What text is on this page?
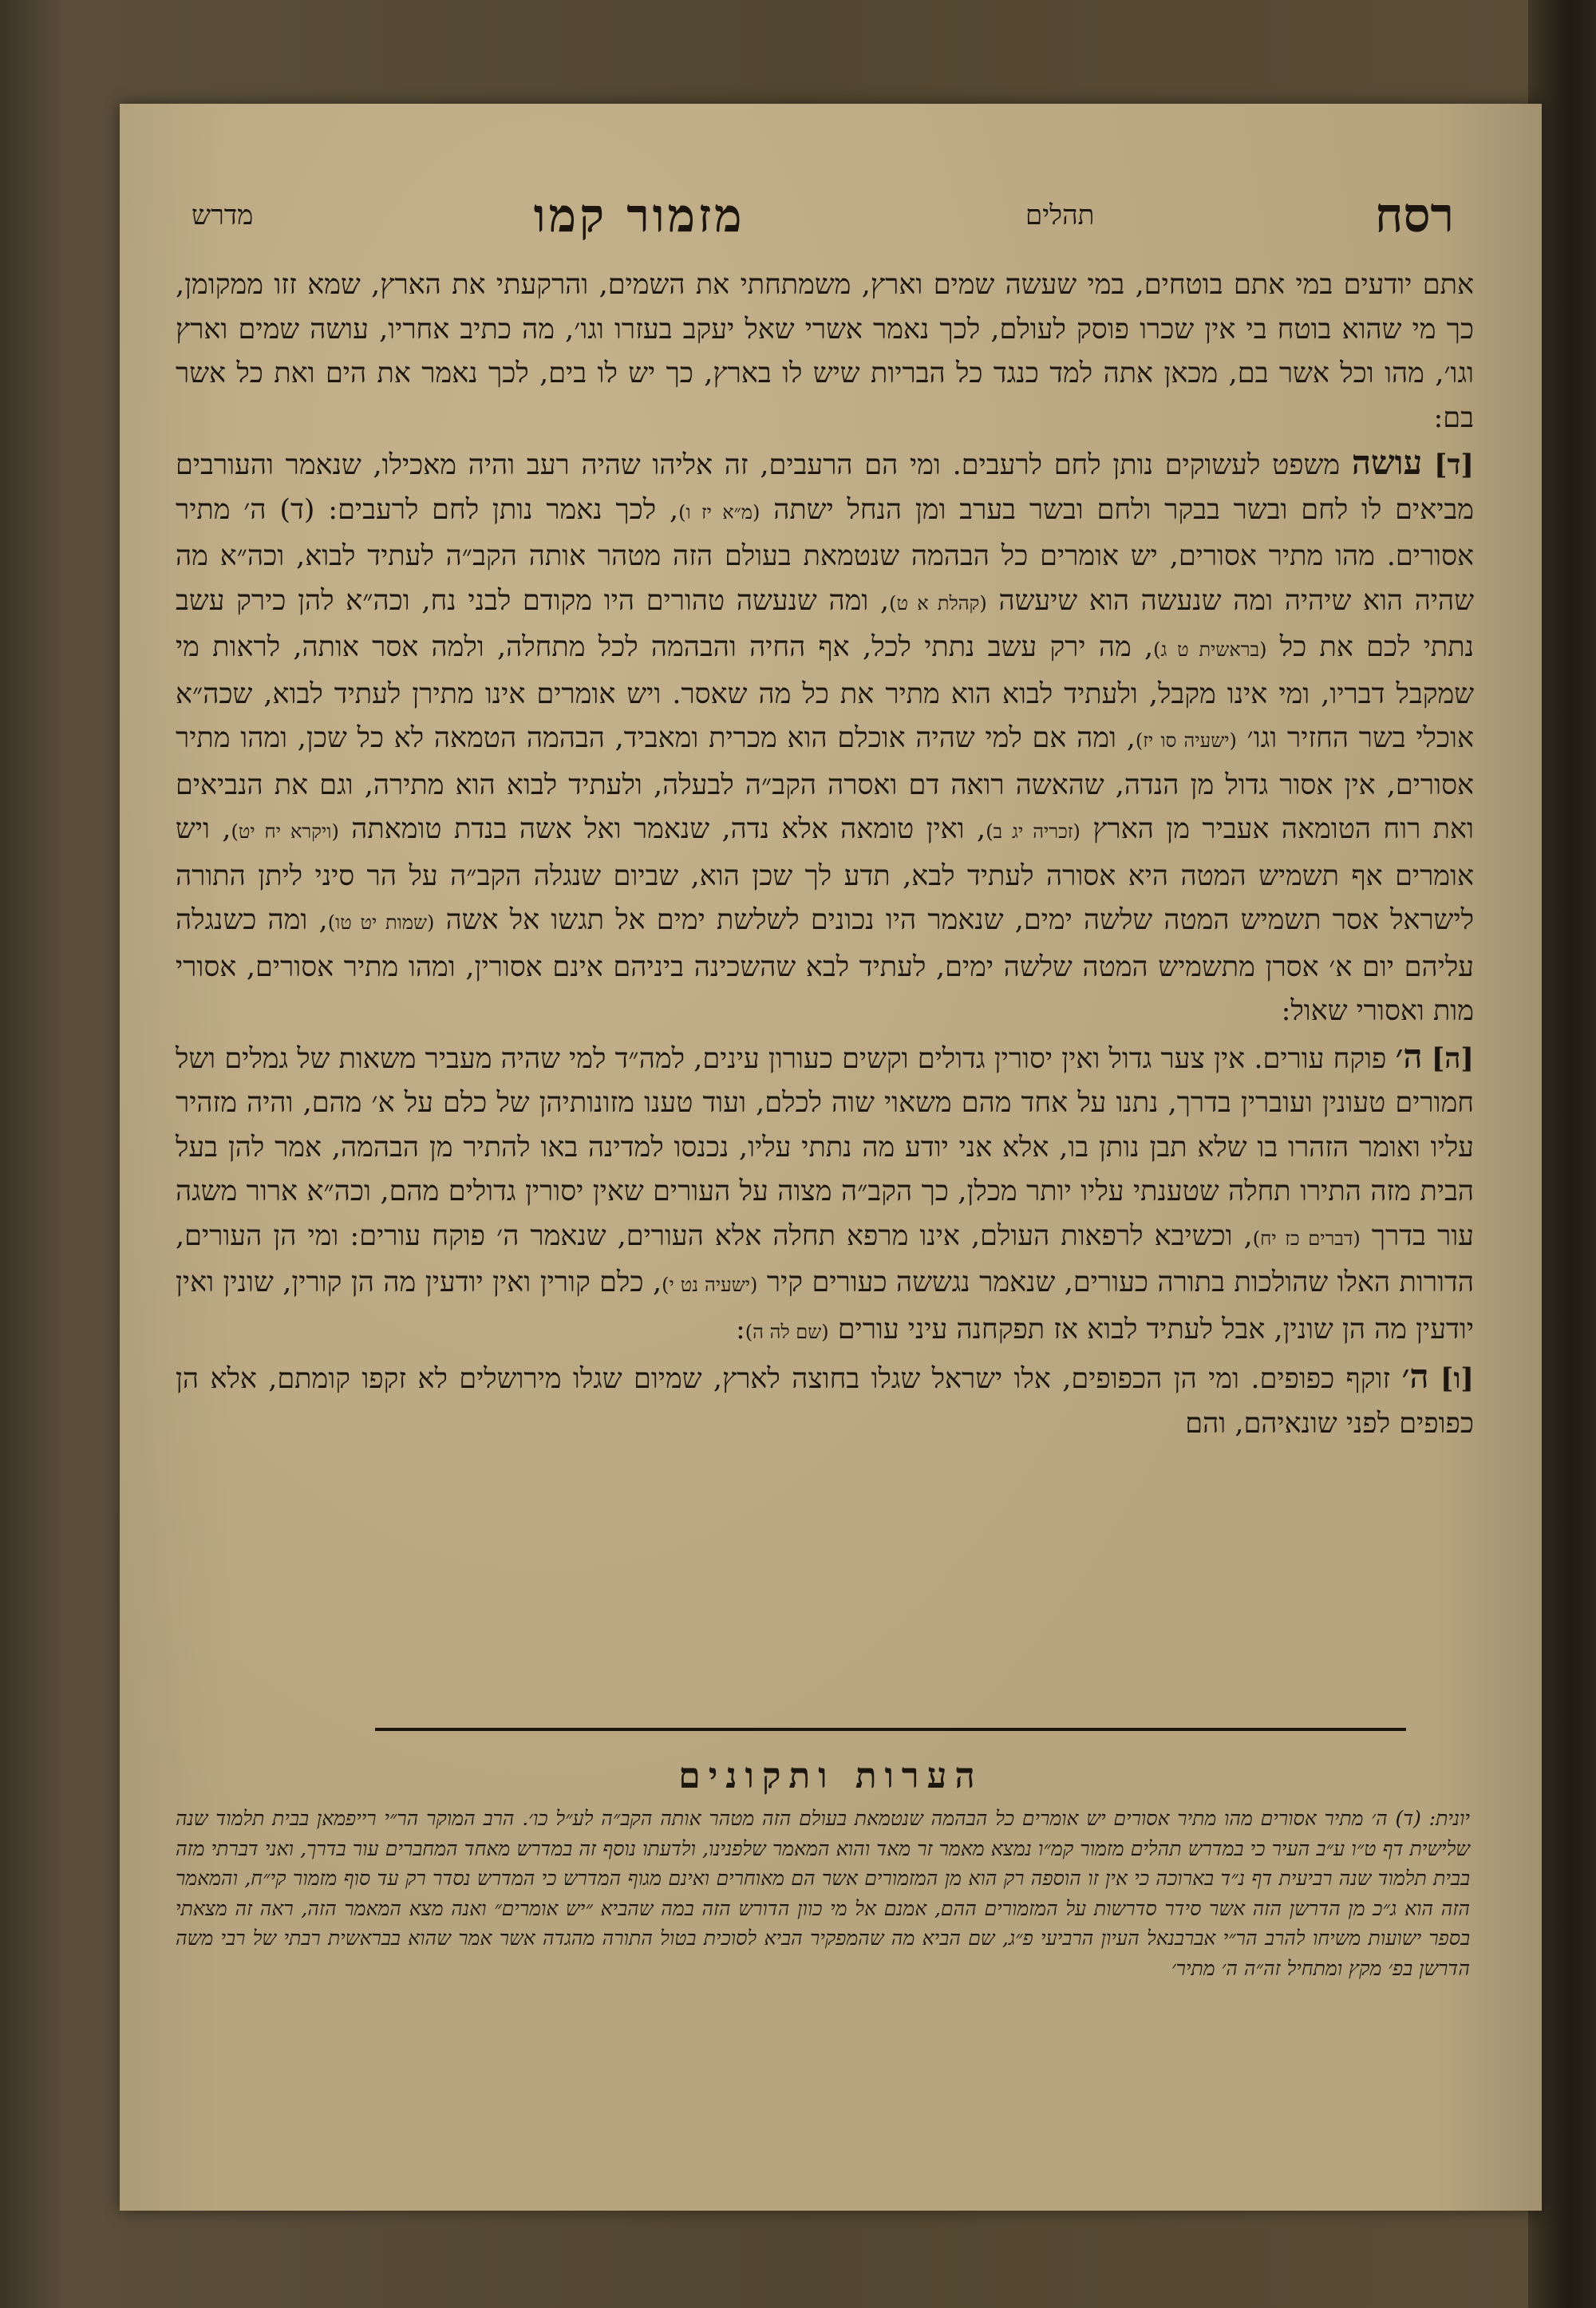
רסח
תהלים
מזמור קמו
מדרש

אתם יודעים במי אתם בוטחים, במי שעשה שמים וארץ, משמתחתי את השמים, והרקעתי את הארץ, שמא זזו ממקומן, כך מי שהוא בוטח בי אין שכרו פוסק לעולם, לכך נאמר אשרי שאל יעקב בעזרו וגו׳, מה כתיב אחריו, עושה שמים וארץ וגו׳, מהו וכל אשר בם, מכאן אתה למד כנגד כל הבריות שיש לו בארץ, כך יש לו בים, לכך נאמר את הים ואת כל אשר בם:

[ד] עושה משפט לעשוקים נותן לחם לרעבים. ומי הם הרעבים, זה אליהו שהיה רעב והיה מאכילו, שנאמר והעורבים מביאים לו לחם ובשר בבקר ולחם ובשר בערב ומן הנחל ישתה (מ״א יז ו), לכך נאמר נותן לחם לרעבים: (ד) ה׳ מתיר אסורים. מהו מתיר אסורים, יש אומרים כל הבהמה שנטמאת בעולם הזה מטהר אותה הקב״ה לעתיד לבוא, וכה״א מה שהיה הוא שיהיה ומה שנעשה הוא שיעשה (קהלת א ט), ומה שנעשה טהורים היו מקודם לבני נח, וכה״א להן כירק עשב נתתי לכם את כל (בראשית ט ג), מה ירק עשב נתתי לכל, אף החיה והבהמה לכל מתחלה, ולמה אסר אותה, לראות מי שמקבל דבריו, ומי אינו מקבל, ולעתיד לבוא הוא מתיר את כל מה שאסר. ויש אומרים אינו מתירן לעתיד לבוא, שכה״א אוכלי בשר החזיר וגו׳ (ישעיה סו יז), ומה אם למי שהיה אוכלם הוא מכרית ומאביד, הבהמה הטמאה לא כל שכן, ומהו מתיר אסורים, אין אסור גדול מן הנדה, שהאשה רואה דם ואסרה הקב״ה לבעלה, ולעתיד לבוא הוא מתירה, וגם את הנביאים ואת רוח הטומאה אעביר מן הארץ (זכריה יג ב), ואין טומאה אלא נדה, שנאמר ואל אשה בנדת טומאתה (ויקרא יח יט), ויש אומרים אף תשמיש המטה היא אסורה לעתיד לבא, תדע לך שכן הוא, שביום שנגלה הקב״ה על הר סיני ליתן התורה לישראל אסר תשמיש המטה שלשה ימים, שנאמר היו נכונים לשלשת ימים אל תגשו אל אשה (שמות יט טו), ומה כשנגלה עליהם יום א׳ אסרן מתשמיש המטה שלשה ימים, לעתיד לבא שהשכינה ביניהם אינם אסורין, ומהו מתיר אסורים, אסורי מות ואסורי שאול:

[ה] ה׳ פוקח עורים. אין צער גדול ואין יסורין גדולים וקשים כעורון עינים, למה״ד למי שהיה מעביר משאות של גמלים ושל חמורים טעונין ועוברין בדרך, נתנו על אחד מהם משאוי שוה לכלם, ועוד טענו מזונותיהן של כלם על א׳ מהם, והיה מזהיר עליו ואומר הזהרו בו שלא תבן נותן בו, אלא אני יודע מה נתתי עליו, נכנסו למדינה באו להתיר מן הבהמה, אמר להן בעל הבית מזה התירו תחלה שטענתי עליו יותר מכלן, כך הקב״ה מצוה על העורים שאין יסורין גדולים מהם, וכה״א ארור משגה עור בדרך (דברים כז יח), וכשיבא לרפאות העולם, אינו מרפא תחלה אלא העורים, שנאמר ה׳ פוקח עורים: ומי הן העורים, הדורות האלו שהולכות בתורה כעורים, שנאמר נגששה כעורים קיר (ישעיה נט י), כלם קורין ואין יודעין מה הן קורין, שונין ואין יודעין מה הן שונין, אבל לעתיד לבוא אז תפקחנה עיני עורים (שם לה ה):

[ו] ה׳ זוקף כפופים. ומי הן הכפופים, אלו ישראל שגלו בחוצה לארץ, שמיום שגלו מירושלים לא זקפו קומתם, אלא הן כפופים לפני שונאיהם, והם

הערות ותקונים
יונית: (ד) ה׳ מתיר אסורים מהו מתיר אסורים יש אומרים כל הבהמה שנטמאת בעולם הזה מטהר אותה הקב״ה לע״ל כו׳. הרב המוקר הר״י רייפמאן בבית תלמוד שנה שלישית דף ט״ו ע״ב העיר כי במדרש תהלים מזמור קמ״ו נמצא מאמר זר מאד והוא המאמר שלפנינו, ולדעתו נוסף זה במדרש מאחד המחברים עור בדרך, ואני דברתי מזה בבית תלמוד שנה רביעית דף נ״ד בארוכה כי אין זו הוספה רק הוא מן המזמורים אשר הם מאוחרים ואינם מגוף המדרש כי המדרש נסדר רק עד סוף מזמור קי״ח, והמאמר הזה הוא ג״כ מן הדרשן הזה אשר סידר סדרשות על המזמורים ההם, אמנם אל מי כוון הדורש הזה במה שהביא ״יש אומרים״ ואנה מצא המאמר הזה, ראה זה מצאתי בספר ישועות משיחו להרב הר״י אברבנאל העיון הרביעי פ״ג, שם הביא מה שהמפקיר הביא לסוכית בטול התורה מהגדה אשר אמר שהוא בבראשית רבתי של רבי משה הדרשן בפ׳ מקץ ומתחיל זה״ה ה׳ מתיר׳
